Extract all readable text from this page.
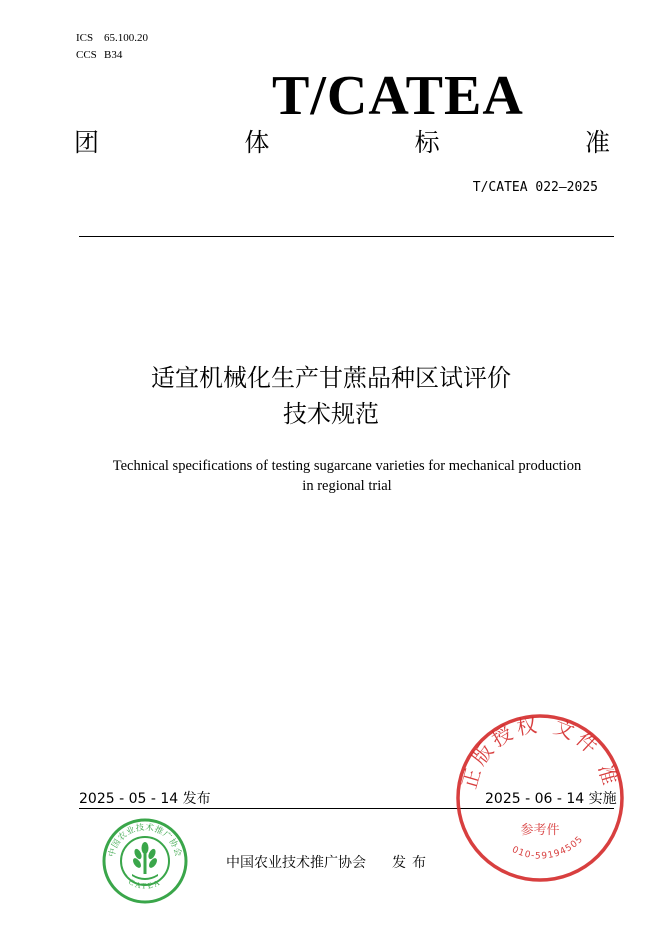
ICS 65.100.20
CCS B34
T/CATEA
团	体	标	准
T/CATEA 022—2025
适宜机械化生产甘蔗品种区试评价
技术规范
Technical specifications of testing sugarcane varieties for mechanical production
in regional trial
2025 - 05 - 14 发布	2025 - 06 - 14 实施
中国农业技术推广协会
CATEA
中国农业技术推广协会 发布
正版授权 文件 准
参考件
010-59194505
